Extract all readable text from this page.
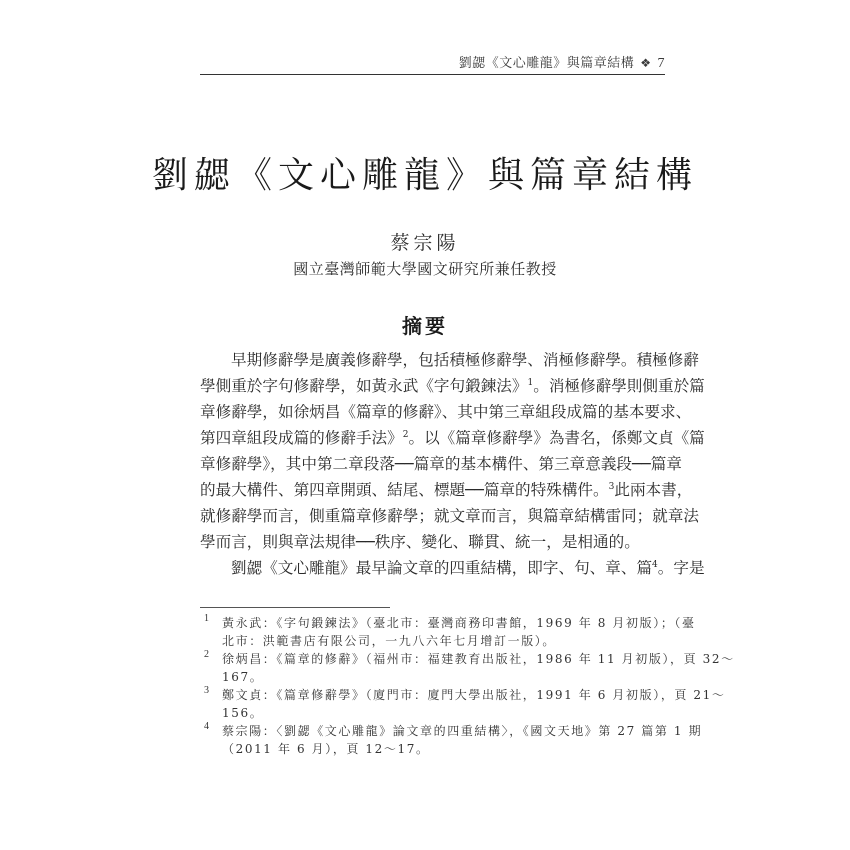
劉勰《文心雕龍》與篇章結構 ❖ 7
劉勰《文心雕龍》與篇章結構
蔡宗陽
國立臺灣師範大學國文研究所兼任教授
摘要
早期修辭學是廣義修辭學，包括積極修辭學、消極修辭學。積極修辭
學側重於字句修辭學，如黃永武《字句鍛鍊法》$^1$。消極修辭學則側重於篇
章修辭學，如徐炳昌《篇章的修辭》、其中第三章組段成篇的基本要求、
第四章組段成篇的修辭手法》$^2$。以《篇章修辭學》為書名，係鄭文貞《篇
章修辭學》，其中第二章段落──篇章的基本構件、第三章意義段──篇章
的最大構件、第四章開頭、結尾、標題──篇章的特殊構件。$^3$此兩本書，
就修辭學而言，側重篇章修辭學；就文章而言，與篇章結構雷同；就章法
學而言，則與章法規律──秩序、變化、聯貫、統一，是相通的。
劉勰《文心雕龍》最早論文章的四重結構，即字、句、章、篇$^4$。字是
1 黃永武：《字句鍛鍊法》（臺北市：臺灣商務印書館，1969 年 8 月初版）；（臺
北市：洪範書店有限公司，一九八六年七月增訂一版）。
2 徐炳昌：《篇章的修辭》（福州市：福建教育出版社，1986 年 11 月初版），頁 32～
167。
3 鄭文貞：《篇章修辭學》（廈門市：廈門大學出版社，1991 年 6 月初版），頁 21～
156。
4 蔡宗陽：〈劉勰《文心雕龍》論文章的四重結構〉，《國文天地》第 27 篇第 1 期
（2011 年 6 月），頁 12～17。
